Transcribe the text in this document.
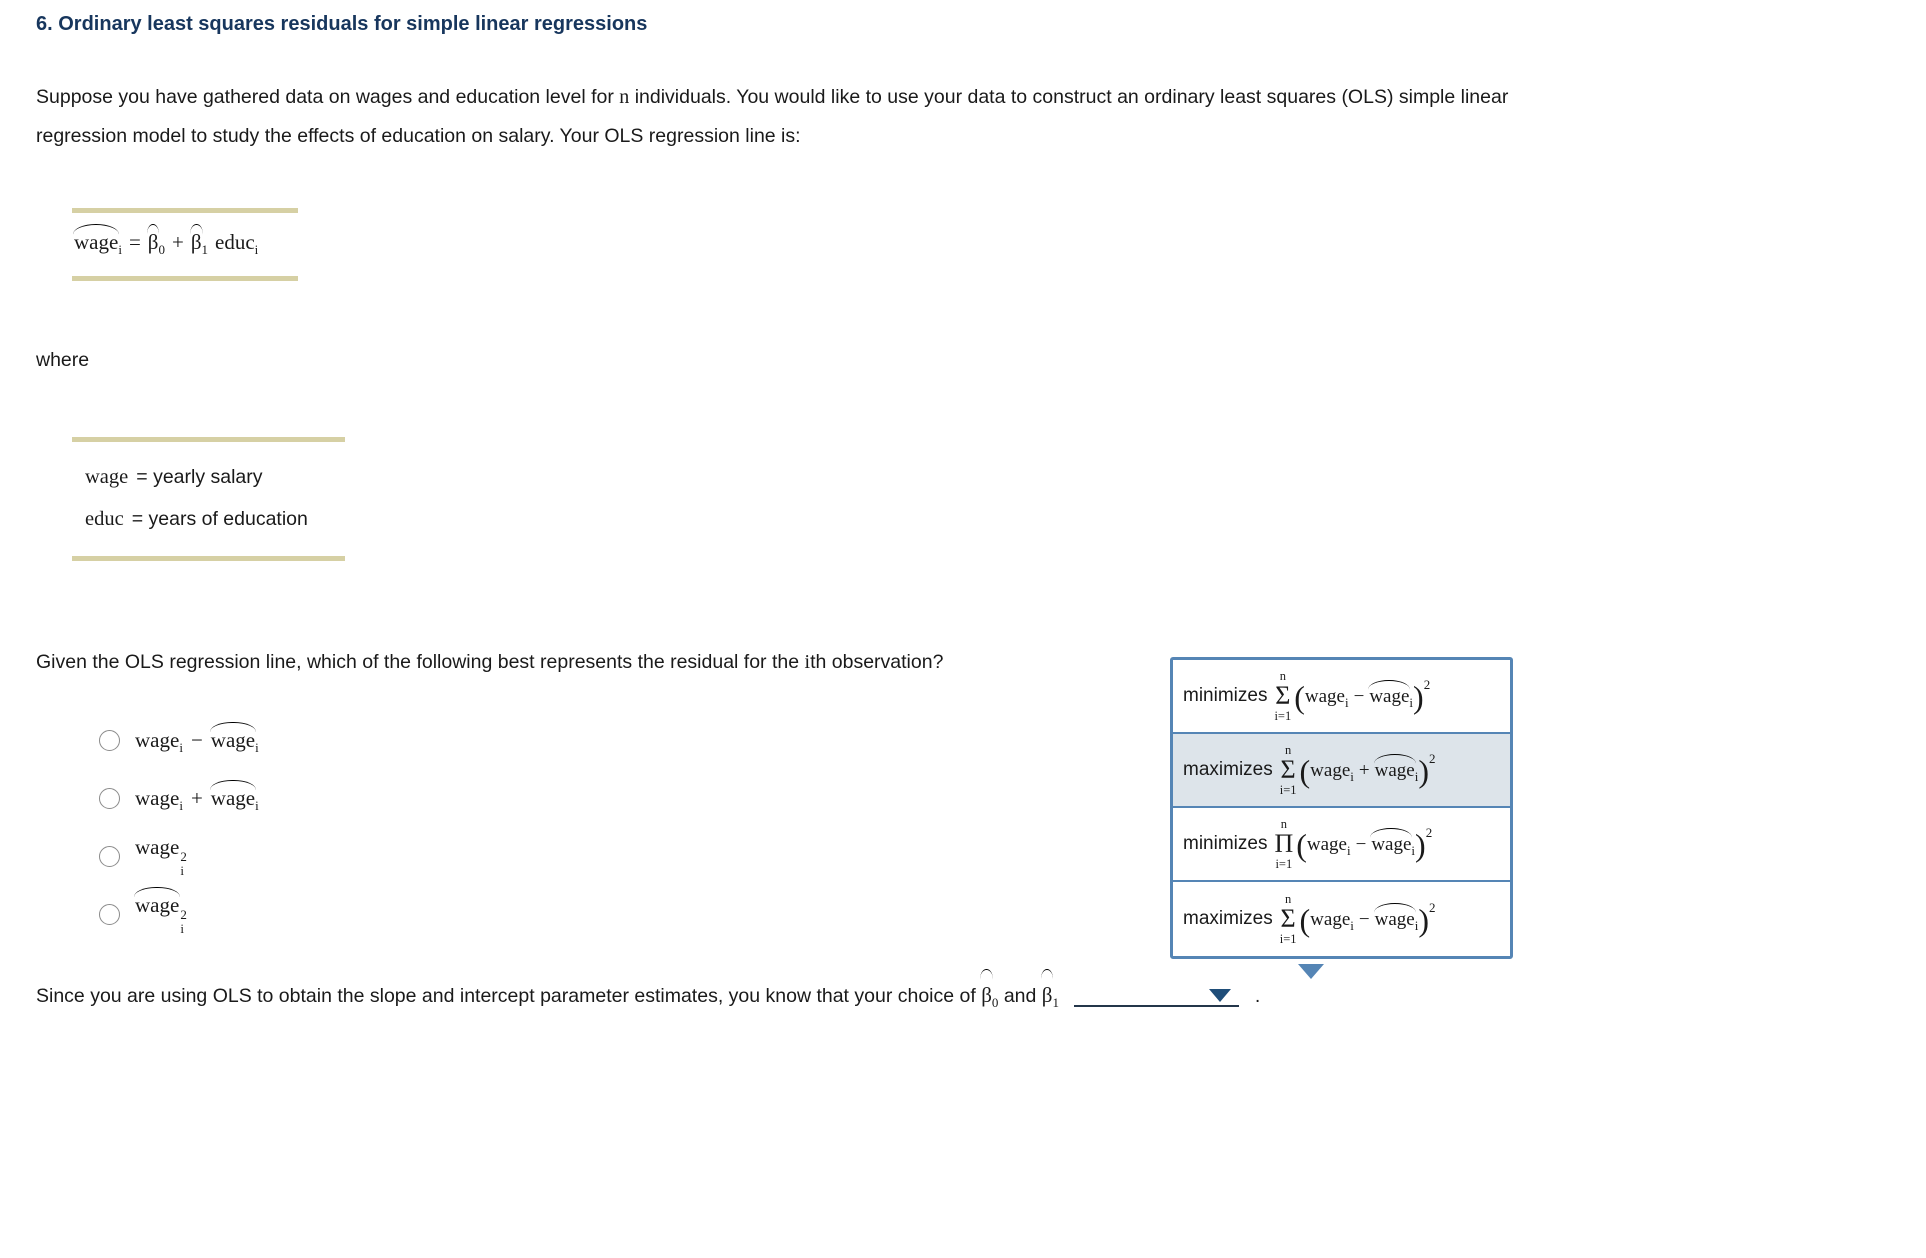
6. Ordinary least squares residuals for simple linear regressions
Suppose you have gathered data on wages and education level for n individuals. You would like to use your data to construct an ordinary least squares (OLS) simple linear regression model to study the effects of education on salary. Your OLS regression line is:
wage$_i$ = $\beta_0 + \beta_1$ educ$_i$
where
wage = yearly salary
educ = years of education
Given the OLS regression line, which of the following best represents the residual for the ith observation?
wage$_i$ − wage$_i$
wage$_i$ + wage$_i$
wage 2
i
wage 2
i
minimizes
n
Σ
i=1
(wage$_i$ − wage$_i$)$^2$
maximizes
n
Σ
i=1
(wage$_i$ + wage$_i$)$^2$
minimizes
n
Π
i=1
(wage$_i$ − wage$_i$)$^2$
maximizes
n
Σ
i=1
(wage$_i$ − wage$_i$)$^2$
Since you are using OLS to obtain the slope and intercept parameter estimates, you know that your choice of $\beta_0$ and $\beta_1$	.
